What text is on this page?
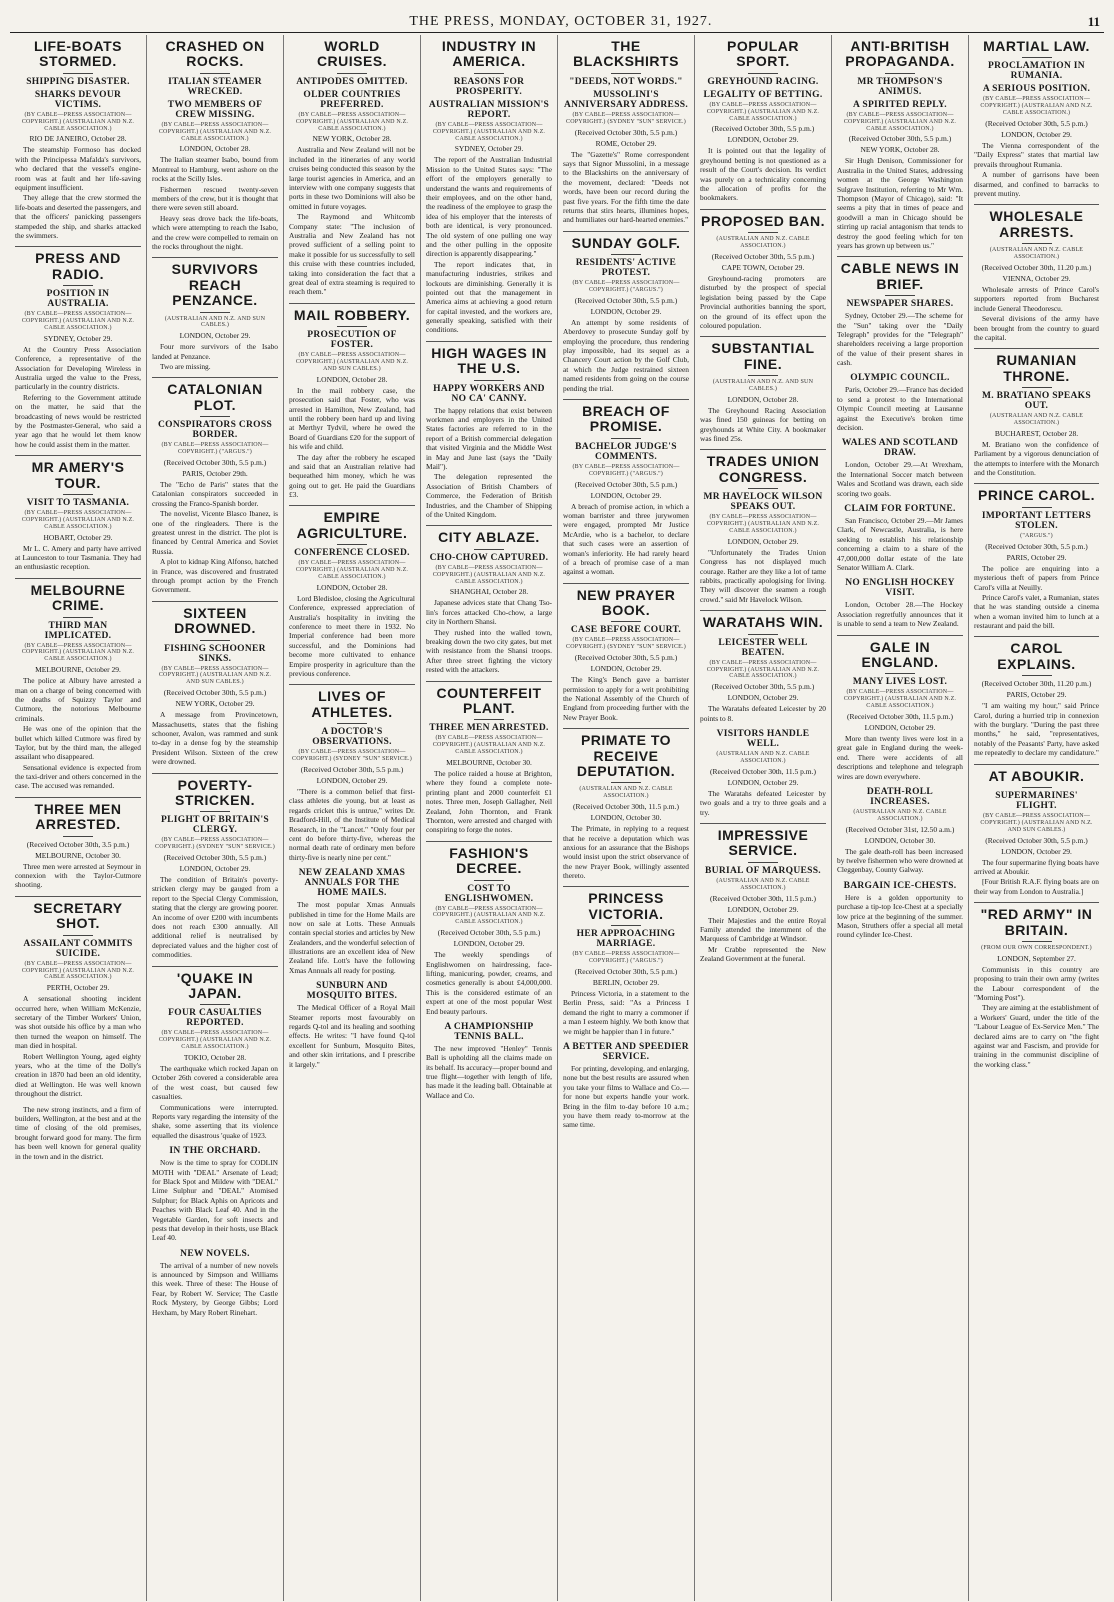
THE PRESS, MONDAY, OCTOBER 31, 1927.	11
LIFE-BOATS STORMED.
SHIPPING DISASTER.
SHARKS DEVOUR VICTIMS.
(BY CABLE—PRESS ASSOCIATION—COPYRIGHT.) (AUSTRALIAN AND N.Z. CABLE ASSOCIATION.)
RIO DE JANEIRO, October 28.

The steamship Formoso has docked with the Principessa Mafalda's survivors, who declared that the vessel's engine-room was at fault and her life-saving equipment insufficient.

They allege that the crew stormed the life-boats and deserted the passengers, and that the officers' panicking passengers stampeded the ship, and sharks attacked the swimmers.

PRESS AND RADIO.
POSITION IN AUSTRALIA.
(BY CABLE—PRESS ASSOCIATION—COPYRIGHT.) (AUSTRALIAN AND N.Z. CABLE ASSOCIATION.)
SYDNEY, October 29.

At the Country Press Association Conference, a representative of the Association for Developing Wireless in Australia urged the value to the Press, particularly in the country districts.

Referring to the Government attitude on the matter, he said that the broadcasting of news would be restricted by the Postmaster-General, who said a year ago that he would let them know how he could assist them in the matter.

MR AMERY'S TOUR.
VISIT TO TASMANIA.
(BY CABLE—PRESS ASSOCIATION—COPYRIGHT.) (AUSTRALIAN AND N.Z. CABLE ASSOCIATION.)
HOBART, October 29.

Mr L. C. Amery and party have arrived at Launceston to tour Tasmania. They had an enthusiastic reception.

MELBOURNE CRIME.
THIRD MAN IMPLICATED.
(BY CABLE—PRESS ASSOCIATION—COPYRIGHT.) (AUSTRALIAN AND N.Z. CABLE ASSOCIATION.)
MELBOURNE, October 29.

The police at Albury have arrested a man on a charge of being concerned with the deaths of Squizzy Taylor and Cutmore, the notorious Melbourne criminals.

He was one of the opinion that the bullet which killed Cutmore was fired by Taylor, but by the third man, the alleged assailant who disappeared.

Sensational evidence is expected from the taxi-driver and others concerned in the case. The accused was remanded.

THREE MEN ARRESTED.
(Received October 30th, 3.5 p.m.)
MELBOURNE, October 30.

Three men were arrested at Seymour in connexion with the Taylor-Cutmore shooting.

SECRETARY SHOT.
ASSAILANT COMMITS SUICIDE.
(BY CABLE—PRESS ASSOCIATION—COPYRIGHT.) (AUSTRALIAN AND N.Z. CABLE ASSOCIATION.)
PERTH, October 29.

A sensational shooting incident occurred here, when William McKenzie, secretary of the Timber Workers' Union, was shot outside his office by a man who then turned the weapon on himself. The man died in hospital.

Robert Wellington Young, aged eighty years, who at the time of the Dolly's creation in 1870 had been an old identity, died at Wellington. He was well known throughout the district.

The new strong instincts, and a firm of builders, Wellington, at the best and at the time of closing of the old premises, brought forward good for many. The firm has been well known for general quality in the town and in the district.

CRASHED ON ROCKS.
ITALIAN STEAMER WRECKED.
TWO MEMBERS OF CREW MISSING.
(BY CABLE—PRESS ASSOCIATION—COPYRIGHT.) (AUSTRALIAN AND N.Z. CABLE ASSOCIATION.)
LONDON, October 28.

The Italian steamer Isabo, bound from Montreal to Hamburg, went ashore on the rocks at the Scilly Isles.

Fishermen rescued twenty-seven members of the crew, but it is thought that there were seven still aboard.

Heavy seas drove back the life-boats, which were attempting to reach the Isabo, and the crew were compelled to remain on the rocks throughout the night.

SURVIVORS REACH PENZANCE.
(AUSTRALIAN AND N.Z. AND SUN CABLES.)
LONDON, October 29.

Four more survivors of the Isabo landed at Penzance.

Two are missing.

CATALONIAN PLOT.
CONSPIRATORS CROSS BORDER.
(BY CABLE—PRESS ASSOCIATION—COPYRIGHT.) ("ARGUS.")
(Received October 30th, 5.5 p.m.)
PARIS, October 29th.

The "Echo de Paris" states that the Catalonian conspirators succeeded in crossing the Franco-Spanish border.

The novelist, Vicente Blasco Ibanez, is one of the ringleaders. There is the greatest unrest in the district. The plot is financed by Central America and Soviet Russia.

A plot to kidnap King Alfonso, hatched in France, was discovered and frustrated through prompt action by the French Government.

SIXTEEN DROWNED.
FISHING SCHOONER SINKS.
(BY CABLE—PRESS ASSOCIATION—COPYRIGHT.) (AUSTRALIAN AND N.Z. AND SUN CABLES.)
(Received October 30th, 5.5 p.m.)
NEW YORK, October 29.

A message from Provincetown, Massachusetts, states that the fishing schooner, Avalon, was rammed and sunk to-day in a dense fog by the steamship President Wilson. Sixteen of the crew were drowned.

POVERTY-STRICKEN.
PLIGHT OF BRITAIN'S CLERGY.
(BY CABLE—PRESS ASSOCIATION—COPYRIGHT.) (SYDNEY "SUN" SERVICE.)
(Received October 30th, 5.5 p.m.)
LONDON, October 29.

The condition of Britain's poverty-stricken clergy may be gauged from a report to the Special Clergy Commission, stating that the clergy are growing poorer. An income of over £200 with incumbents does not reach £300 annually. All additional relief is neutralised by depreciated values and the higher cost of commodities.

'QUAKE IN JAPAN.
FOUR CASUALTIES REPORTED.
(BY CABLE—PRESS ASSOCIATION—COPYRIGHT.) (AUSTRALIAN AND N.Z. CABLE ASSOCIATION.)
TOKIO, October 28.

The earthquake which rocked Japan on October 26th covered a considerable area of the west coast, but caused few casualties.

Communications were interrupted. Reports vary regarding the intensity of the shake, some asserting that its violence equalled the disastrous 'quake of 1923.

IN THE ORCHARD.

Now is the time to spray for CODLIN MOTH with "DEAL" Arsenate of Lead; for Black Spot and Mildew with "DEAL" Lime Sulphur and "DEAL" Atomised Sulphur; for Black Aphis on Apricots and Peaches with Black Leaf 40. And in the Vegetable Garden, for soft insects and pests that develop in their hosts, use Black Leaf 40.

NEW NOVELS.

The arrival of a number of new novels is announced by Simpson and Williams this week. Three of these: The House of Fear, by Robert W. Service; The Castle Rock Mystery, by George Gibbs; Lord Hexham, by Mary Robert Rinehart.

WORLD CRUISES.
ANTIPODES OMITTED.
OLDER COUNTRIES PREFERRED.
(BY CABLE—PRESS ASSOCIATION—COPYRIGHT.) (AUSTRALIAN AND N.Z. CABLE ASSOCIATION.)
NEW YORK, October 28.

Australia and New Zealand will not be included in the itineraries of any world cruises being conducted this season by the large tourist agencies in America, and an interview with one company suggests that ports in these two Dominions will also be omitted in future voyages.

The Raymond and Whitcomb Company state: "The inclusion of Australia and New Zealand has not proved sufficient of a selling point to make it possible for us successfully to sell this cruise with these countries included, taking into consideration the fact that a great deal of extra steaming is required to reach them."

MAIL ROBBERY.
PROSECUTION OF FOSTER.
(BY CABLE—PRESS ASSOCIATION—COPYRIGHT.) (AUSTRALIAN AND N.Z. AND SUN CABLES.)
LONDON, October 28.

In the mail robbery case, the prosecution said that Foster, who was arrested in Hamilton, New Zealand, had until the robbery been hard up and living at Merthyr Tydvil, where he owed the Board of Guardians £20 for the support of his wife and child.

The day after the robbery he escaped and said that an Australian relative had bequeathed him money, which he was going out to get. He paid the Guardians £3.

EMPIRE AGRICULTURE.
CONFERENCE CLOSED.
(BY CABLE—PRESS ASSOCIATION—COPYRIGHT.) (AUSTRALIAN AND N.Z. CABLE ASSOCIATION.)
LONDON, October 28.

Lord Bledisloe, closing the Agricultural Conference, expressed appreciation of Australia's hospitality in inviting the conference to meet there in 1932. No Imperial conference had been more successful, and the Dominions had become more cultivated to enhance Empire prosperity in agriculture than the previous conference.

LIVES OF ATHLETES.
A DOCTOR'S OBSERVATIONS.
(BY CABLE—PRESS ASSOCIATION—COPYRIGHT.) (SYDNEY "SUN" SERVICE.)
(Received October 30th, 5.5 p.m.)
LONDON, October 29.

"There is a common belief that first-class athletes die young, but at least as regards cricket this is untrue," writes Dr. Bradford-Hill, of the Institute of Medical Research, in the "Lancet." "Only four per cent do before thirty-five, whereas the normal death rate of ordinary men before thirty-five is nearly nine per cent."

NEW ZEALAND XMAS ANNUALS FOR THE HOME MAILS.

The most popular Xmas Annuals published in time for the Home Mails are now on sale at Lotts. These Annuals contain special stories and articles by New Zealanders, and the wonderful selection of illustrations are an excellent idea of New Zealand life. Lott's have the following Xmas Annuals all ready for posting.

SUNBURN AND MOSQUITO BITES.

The Medical Officer of a Royal Mail Steamer reports most favourably on regards Q-tol and its healing and soothing effects. He writes: "I have found Q-tol excellent for Sunburn, Mosquito Bites, and other skin irritations, and I prescribe it largely."

INDUSTRY IN AMERICA.
REASONS FOR PROSPERITY.
AUSTRALIAN MISSION'S REPORT.
(BY CABLE—PRESS ASSOCIATION—COPYRIGHT.) (AUSTRALIAN AND N.Z. CABLE ASSOCIATION.)
SYDNEY, October 29.

The report of the Australian Industrial Mission to the United States says: "The effort of the employers generally to understand the wants and requirements of their employees, and on the other hand, the readiness of the employee to grasp the idea of his employer that the interests of both are identical, is very pronounced. The old system of one pulling one way and the other pulling in the opposite direction is apparently disappearing."

The report indicates that, in manufacturing industries, strikes and lockouts are diminishing. Generally it is pointed out that the management in America aims at achieving a good return for capital invested, and the workers are, generally speaking, satisfied with their conditions.

HIGH WAGES IN THE U.S.
HAPPY WORKERS AND NO CA' CANNY.

The happy relations that exist between workmen and employers in the United States factories are referred to in the report of a British commercial delegation that visited Virginia and the Middle West in May and June last (says the "Daily Mail").

The delegation represented the Association of British Chambers of Commerce, the Federation of British Industries, and the Chamber of Shipping of the United Kingdom.

CITY ABLAZE.
CHO-CHOW CAPTURED.
(BY CABLE—PRESS ASSOCIATION—COPYRIGHT.) (AUSTRALIAN AND N.Z. CABLE ASSOCIATION.)
SHANGHAI, October 28.

Japanese advices state that Chang Tso-lin's forces attacked Cho-chow, a large city in Northern Shansi.

They rushed into the walled town, breaking down the two city gates, but met with resistance from the Shansi troops. After three street fighting the victory rested with the attackers.

COUNTERFEIT PLANT.
THREE MEN ARRESTED.
(BY CABLE—PRESS ASSOCIATION—COPYRIGHT.) (AUSTRALIAN AND N.Z. CABLE ASSOCIATION.)
MELBOURNE, October 30.

The police raided a house at Brighton, where they found a complete note-printing plant and 2000 counterfeit £1 notes. Three men, Joseph Gallagher, Neil Zealand, John Thornton, and Frank Thornton, were arrested and charged with conspiring to forge the notes.

FASHION'S DECREE.
COST TO ENGLISHWOMEN.
(BY CABLE—PRESS ASSOCIATION—COPYRIGHT.) (AUSTRALIAN AND N.Z. CABLE ASSOCIATION.)
(Received October 30th, 5.5 p.m.)
LONDON, October 29.

The weekly spendings of Englishwomen on hairdressing, face-lifting, manicuring, powder, creams, and cosmetics generally is about £4,000,000. This is the considered estimate of an expert at one of the most popular West End beauty parlours.

A CHAMPIONSHIP TENNIS BALL.

The new improved "Henley" Tennis Ball is upholding all the claims made on its behalf. Its accuracy—proper bound and true flight—together with length of life, has made it the leading ball. Obtainable at Wallace and Co.

THE BLACKSHIRTS
"DEEDS, NOT WORDS."
MUSSOLINI'S ANNIVERSARY ADDRESS.
(BY CABLE—PRESS ASSOCIATION—COPYRIGHT.) (SYDNEY "SUN" SERVICE.)
(Received October 30th, 5.5 p.m.)
ROME, October 29.

The "Gazette's" Rome correspondent says that Signor Mussolini, in a message to the Blackshirts on the anniversary of the movement, declared: "Deeds not words, have been our record during the past five years. For the fifth time the date returns that stirs hearts, illumines hopes, and humiliates our hard-hearted enemies."

SUNDAY GOLF.
RESIDENTS' ACTIVE PROTEST.
(BY CABLE—PRESS ASSOCIATION—COPYRIGHT.) ("ARGUS.")
(Received October 30th, 5.5 p.m.)
LONDON, October 29.

An attempt by some residents of Aberdovey to prosecute Sunday golf by employing the procedure, thus rendering play impossible, had its sequel as a Chancery Court action by the Golf Club, at which the Judge restrained sixteen named residents from going on the course pending the trial.

BREACH OF PROMISE.
BACHELOR JUDGE'S COMMENTS.
(BY CABLE—PRESS ASSOCIATION—COPYRIGHT.) ("ARGUS.")
(Received October 30th, 5.5 p.m.)
LONDON, October 29.

A breach of promise action, in which a woman barrister and three jurywomen were engaged, prompted Mr Justice McArdie, who is a bachelor, to declare that such cases were an assertion of woman's inferiority. He had rarely heard of a breach of promise case of a man against a woman.

NEW PRAYER BOOK.
CASE BEFORE COURT.
(BY CABLE—PRESS ASSOCIATION—COPYRIGHT.) (SYDNEY "SUN" SERVICE.)
(Received October 30th, 5.5 p.m.)
LONDON, October 29.

The King's Bench gave a barrister permission to apply for a writ prohibiting the National Assembly of the Church of England from proceeding further with the New Prayer Book.

PRIMATE TO RECEIVE DEPUTATION.
(AUSTRALIAN AND N.Z. CABLE ASSOCIATION.)
(Received October 30th, 11.5 p.m.)
LONDON, October 30.

The Primate, in replying to a request that he receive a deputation which was anxious for an assurance that the Bishops would insist upon the strict observance of the new Prayer Book, willingly assented thereto.

PRINCESS VICTORIA.
HER APPROACHING MARRIAGE.
(BY CABLE—PRESS ASSOCIATION—COPYRIGHT.) ("ARGUS.")
(Received October 30th, 5.5 p.m.)
BERLIN, October 29.

Princess Victoria, in a statement to the Berlin Press, said: "As a Princess I demand the right to marry a commoner if a man I esteem highly. We both know that we might be happier than I in future."

A BETTER AND SPEEDIER SERVICE.

For printing, developing, and enlarging, none but the best results are assured when you take your films to Wallace and Co.—for none but experts handle your work. Bring in the film to-day before 10 a.m.; you have them ready to-morrow at the same time.

POPULAR SPORT.
GREYHOUND RACING.
LEGALITY OF BETTING.
(BY CABLE—PRESS ASSOCIATION—COPYRIGHT.) (AUSTRALIAN AND N.Z. CABLE ASSOCIATION.)
(Received October 30th, 5.5 p.m.)
LONDON, October 29.

It is pointed out that the legality of greyhound betting is not questioned as a result of the Court's decision. Its verdict was purely on a technicality concerning the allocation of profits for the bookmakers.

PROPOSED BAN.
(AUSTRALIAN AND N.Z. CABLE ASSOCIATION.)
(Received October 30th, 5.5 p.m.)
CAPE TOWN, October 29.

Greyhound-racing promoters are disturbed by the prospect of special legislation being passed by the Cape Provincial authorities banning the sport, on the ground of its effect upon the coloured population.

SUBSTANTIAL FINE.
(AUSTRALIAN AND N.Z. AND SUN CABLES.)
LONDON, October 28.

The Greyhound Racing Association was fined 150 guineas for betting on greyhounds at White City. A bookmaker was fined 25s.

TRADES UNION CONGRESS.
MR HAVELOCK WILSON SPEAKS OUT.
(BY CABLE—PRESS ASSOCIATION—COPYRIGHT.) (AUSTRALIAN AND N.Z. CABLE ASSOCIATION.)
LONDON, October 29.

"Unfortunately the Trades Union Congress has not displayed much courage. Rather are they like a lot of tame rabbits, practically apologising for living. They will discover the seamen a rough crowd." said Mr Havelock Wilson.

WARATAHS WIN.
LEICESTER WELL BEATEN.
(BY CABLE—PRESS ASSOCIATION—COPYRIGHT.) (AUSTRALIAN AND N.Z. CABLE ASSOCIATION.)
(Received October 30th, 5.5 p.m.)
LONDON, October 29.

The Waratahs defeated Leicester by 20 points to 8.

VISITORS HANDLE WELL.
(AUSTRALIAN AND N.Z. CABLE ASSOCIATION.)
(Received October 30th, 11.5 p.m.)
LONDON, October 29.

The Waratahs defeated Leicester by two goals and a try to three goals and a try.

IMPRESSIVE SERVICE.
BURIAL OF MARQUESS.
(AUSTRALIAN AND N.Z. CABLE ASSOCIATION.)
(Received October 30th, 11.5 p.m.)
LONDON, October 29.

Their Majesties and the entire Royal Family attended the internment of the Marquess of Cambridge at Windsor.

Mr Crabbe represented the New Zealand Government at the funeral.

ANTI-BRITISH PROPAGANDA.
MR THOMPSON'S ANIMUS.
A SPIRITED REPLY.
(BY CABLE—PRESS ASSOCIATION—COPYRIGHT.) (AUSTRALIAN AND N.Z. CABLE ASSOCIATION.)
(Received October 30th, 5.5 p.m.)
NEW YORK, October 28.

Sir Hugh Denison, Commissioner for Australia in the United States, addressing women at the George Washington Sulgrave Institution, referring to Mr Wm. Thompson (Mayor of Chicago), said: "It seems a pity that in times of peace and goodwill a man in Chicago should be stirring up racial antagonism that tends to destroy the good feeling which for ten years has grown up between us."

CABLE NEWS IN BRIEF.
NEWSPAPER SHARES.

Sydney, October 29.—The scheme for the "Sun" taking over the "Daily Telegraph" provides for the "Telegraph" shareholders receiving a large proportion of the value of their present shares in cash.

OLYMPIC COUNCIL.

Paris, October 29.—France has decided to send a protest to the International Olympic Council meeting at Lausanne against the Executive's broken time decision.

WALES AND SCOTLAND DRAW.

London, October 29.—At Wrexham, the International Soccer match between Wales and Scotland was drawn, each side scoring two goals.

CLAIM FOR FORTUNE.

San Francisco, October 29.—Mr James Clark, of Newcastle, Australia, is here seeking to establish his relationship concerning a claim to a share of the 47,000,000 dollar estate of the late Senator William A. Clark.

NO ENGLISH HOCKEY VISIT.

London, October 28.—The Hockey Association regretfully announces that it is unable to send a team to New Zealand.

GALE IN ENGLAND.
MANY LIVES LOST.
(BY CABLE—PRESS ASSOCIATION—COPYRIGHT.) (AUSTRALIAN AND N.Z. CABLE ASSOCIATION.)
(Received October 30th, 11.5 p.m.)
LONDON, October 29.

More than twenty lives were lost in a great gale in England during the week-end. There were accidents of all descriptions and telephone and telegraph wires are down everywhere.

DEATH-ROLL INCREASES.
(AUSTRALIAN AND N.Z. CABLE ASSOCIATION.)
(Received October 31st, 12.50 a.m.)
LONDON, October 30.

The gale death-roll has been increased by twelve fishermen who were drowned at Cleggenbay, County Galway.

BARGAIN ICE-CHESTS.

Here is a golden opportunity to purchase a tip-top Ice-Chest at a specially low price at the beginning of the summer. Mason, Struthers offer a special all metal round cylinder Ice-Chest.

MARTIAL LAW.
PROCLAMATION IN RUMANIA.
A SERIOUS POSITION.
(BY CABLE—PRESS ASSOCIATION—COPYRIGHT.) (AUSTRALIAN AND N.Z. CABLE ASSOCIATION.)
(Received October 30th, 5.5 p.m.)
LONDON, October 29.

The Vienna correspondent of the "Daily Express" states that martial law prevails throughout Rumania.

A number of garrisons have been disarmed, and confined to barracks to prevent mutiny.

WHOLESALE ARRESTS.
(AUSTRALIAN AND N.Z. CABLE ASSOCIATION.)
(Received October 30th, 11.20 p.m.)
VIENNA, October 29.

Wholesale arrests of Prince Carol's supporters reported from Bucharest include General Theodorescu.

Several divisions of the army have been brought from the country to guard the capital.

RUMANIAN THRONE.
M. BRATIANO SPEAKS OUT.
(AUSTRALIAN AND N.Z. CABLE ASSOCIATION.)
BUCHAREST, October 28.

M. Bratiano won the confidence of Parliament by a vigorous denunciation of the attempts to interfere with the Monarch and the Constitution.

PRINCE CAROL.
IMPORTANT LETTERS STOLEN.
("ARGUS.")
(Received October 30th, 5.5 p.m.)
PARIS, October 29.

The police are enquiring into a mysterious theft of papers from Prince Carol's villa at Neuilly.

Prince Carol's valet, a Rumanian, states that he was standing outside a cinema when a woman invited him to lunch at a restaurant and paid the bill.

CAROL EXPLAINS.
(Received October 30th, 11.20 p.m.)
PARIS, October 29.

"I am waiting my hour," said Prince Carol, during a hurried trip in connexion with the burglary. "During the past three months," he said, "representatives, notably of the Peasants' Party, have asked me repeatedly to declare my candidature."

AT ABOUKIR.
SUPERMARINES' FLIGHT.
(BY CABLE—PRESS ASSOCIATION—COPYRIGHT.) (AUSTRALIAN AND N.Z. AND SUN CABLES.)
(Received October 30th, 5.5 p.m.)
LONDON, October 29.

The four supermarine flying boats have arrived at Aboukir.

[Four British R.A.F. flying boats are on their way from London to Australia.]

"RED ARMY" IN BRITAIN.
(FROM OUR OWN CORRESPONDENT.)
LONDON, September 27.

Communists in this country are proposing to train their own army (writes the Labour correspondent of the "Morning Post").

They are aiming at the establishment of a Workers' Guard, under the title of the "Labour League of Ex-Service Men." The declared aims are to carry on "the fight against war and Fascism, and provide for training in the communist discipline of the working class."
